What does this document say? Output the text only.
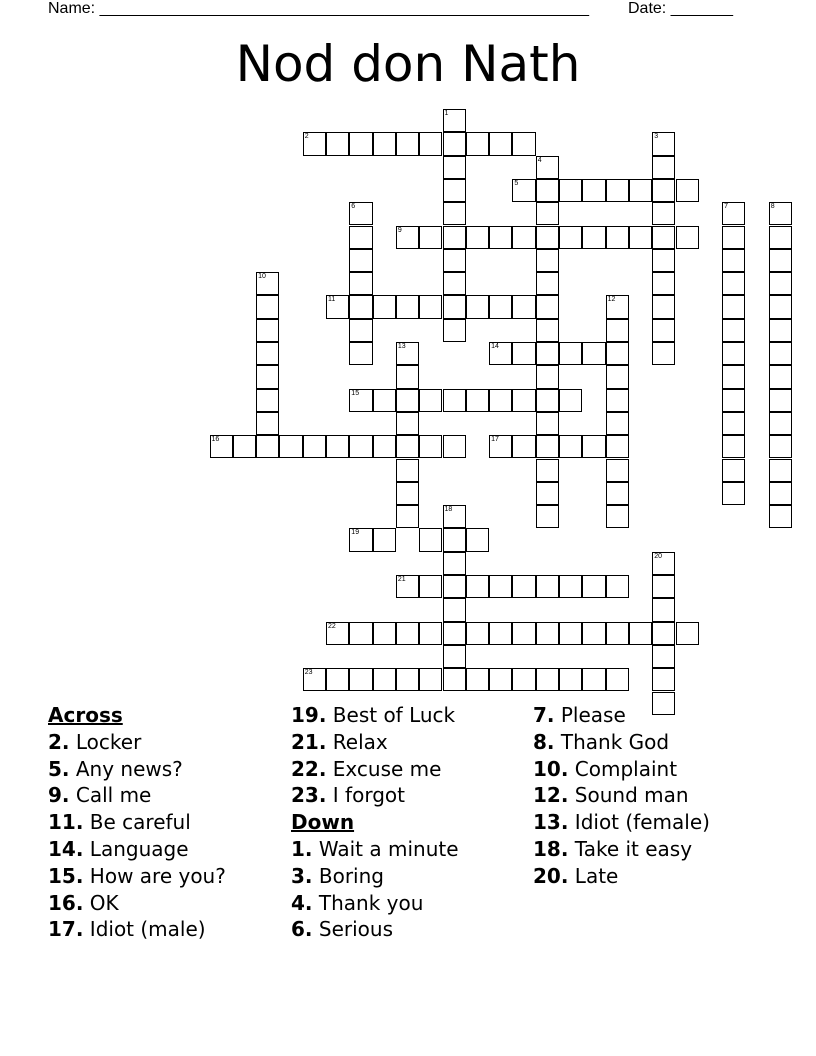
Name: _______________________________________________________ Date: _______
Nod don Nath
2
1
3
4
5
6
9
7	8
10
11	12
13	14
15
16	17
18
19
20
21
22
23
Across
2. Locker
5. Any news?
9. Call me
11. Be careful
14. Language
15. How are you?
16. OK
17. Idiot (male)
19. Best of Luck
21. Relax
22. Excuse me
23. I forgot
Down
1. Wait a minute
3. Boring
4. Thank you
6. Serious
7. Please
8. Thank God
10. Complaint
12. Sound man
13. Idiot (female)
18. Take it easy
20. Late
